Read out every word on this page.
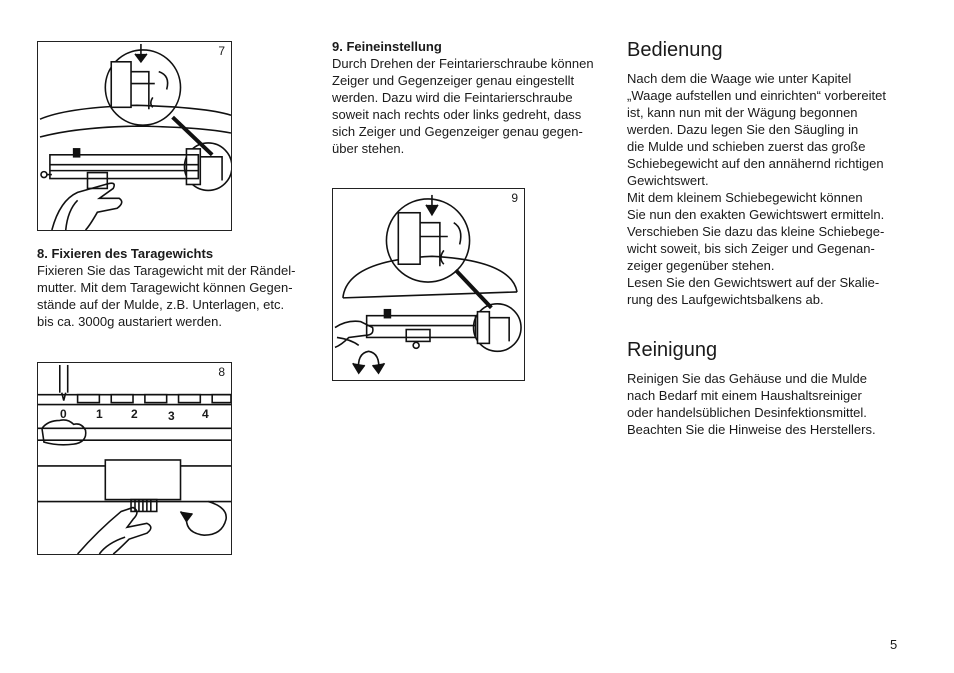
7

8. Fixieren des Taragewichts

Fixieren Sie das Taragewicht mit der Rändel-

mutter. Mit dem Taragewicht können Gegen-

stände auf der Mulde, z.B. Unterlagen, etc.

bis ca. 3000g austariert werden.

0 1 2	3 4
8

9. Feineinstellung

Durch Drehen der Feintarierschraube können

Zeiger und Gegenzeiger genau eingestellt

werden. Dazu wird die Feintarierschraube

soweit nach rechts oder links gedreht, dass

sich Zeiger und Gegenzeiger genau gegen-

über stehen.

9
Bedienung

Nach dem die Waage wie unter Kapitel

„Waage aufstellen und einrichten“ vorbereitet

ist, kann nun mit der Wägung begonnen

werden. Dazu legen Sie den Säugling in

die Mulde und schieben zuerst das große

Schiebegewicht auf den annähernd richtigen

Gewichtswert.

Mit dem kleinem Schiebegewicht können

Sie nun den exakten Gewichtswert ermitteln.

Verschieben Sie dazu das kleine Schiebege-

wicht soweit, bis sich Zeiger und Gegenan-

zeiger gegenüber stehen.

Lesen Sie den Gewichtswert auf der Skalie-

rung des Laufgewichtsbalkens ab.

Reinigung

Reinigen Sie das Gehäuse und die Mulde

nach Bedarf mit einem Haushaltsreiniger

oder handelsüblichen Desinfektionsmittel.

Beachten Sie die Hinweise des Herstellers.

5
